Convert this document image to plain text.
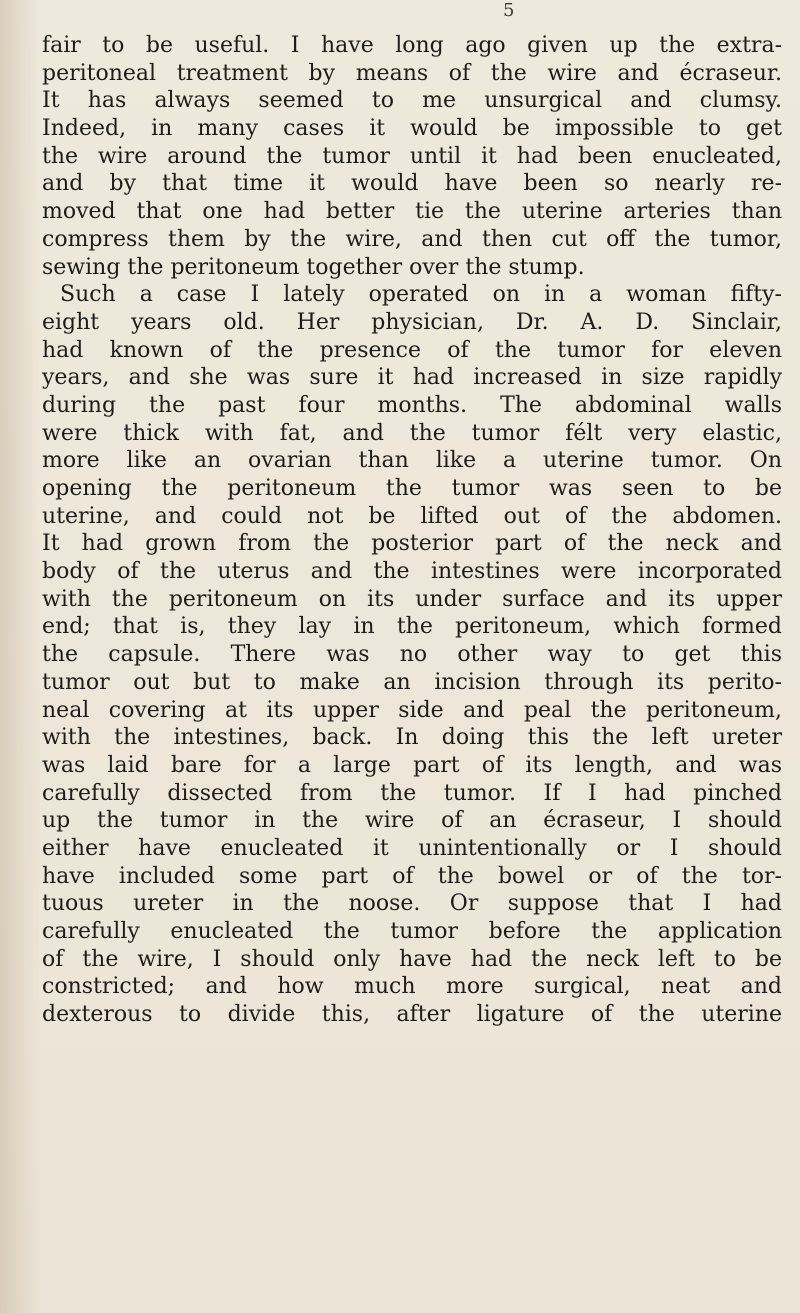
5
fair to be useful. I have long ago given up the extra-
peritoneal treatment by means of the wire and écraseur.
It has always seemed to me unsurgical and clumsy.
Indeed, in many cases it would be impossible to get
the wire around the tumor until it had been enucleated,
and by that time it would have been so nearly re-
moved that one had better tie the uterine arteries than
compress them by the wire, and then cut off the tumor,
sewing the peritoneum together over the stump.
Such a case I lately operated on in a woman fifty-
eight years old. Her physician, Dr. A. D. Sinclair,
had known of the presence of the tumor for eleven
years, and she was sure it had increased in size rapidly
during the past four months. The abdominal walls
were thick with fat, and the tumor félt very elastic,
more like an ovarian than like a uterine tumor. On
opening the peritoneum the tumor was seen to be
uterine, and could not be lifted out of the abdomen.
It had grown from the posterior part of the neck and
body of the uterus and the intestines were incorporated
with the peritoneum on its under surface and its upper
end; that is, they lay in the peritoneum, which formed
the capsule. There was no other way to get this
tumor out but to make an incision through its perito-
neal covering at its upper side and peal the peritoneum,
with the intestines, back. In doing this the left ureter
was laid bare for a large part of its length, and was
carefully dissected from the tumor. If I had pinched
up the tumor in the wire of an écraseur, I should
either have enucleated it unintentionally or I should
have included some part of the bowel or of the tor-
tuous ureter in the noose. Or suppose that I had
carefully enucleated the tumor before the application
of the wire, I should only have had the neck left to be
constricted; and how much more surgical, neat and
dexterous to divide this, after ligature of the uterine
